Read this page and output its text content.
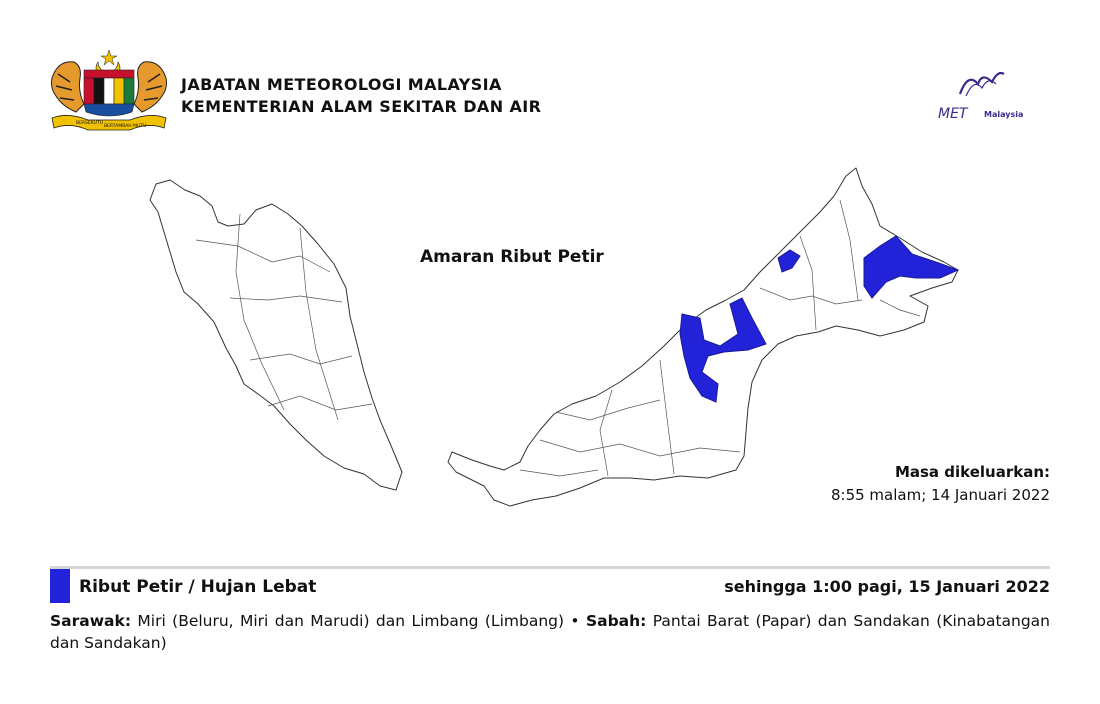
BERSEKUTU
BERTAMBAH MUTU
JABATAN METEOROLOGI MALAYSIA
KEMENTERIAN ALAM SEKITAR DAN AIR	MET Malaysia
Amaran Ribut Petir
Masa dikeluarkan:
8:55 malam; 14 Januari 2022
Ribut Petir / Hujan Lebat	sehingga 1:00 pagi, 15 Januari 2022
Sarawak: Miri (Beluru, Miri dan Marudi) dan Limbang (Limbang) • Sabah: Pantai Barat (Papar) dan Sandakan (Kinabatangan dan Sandakan)
